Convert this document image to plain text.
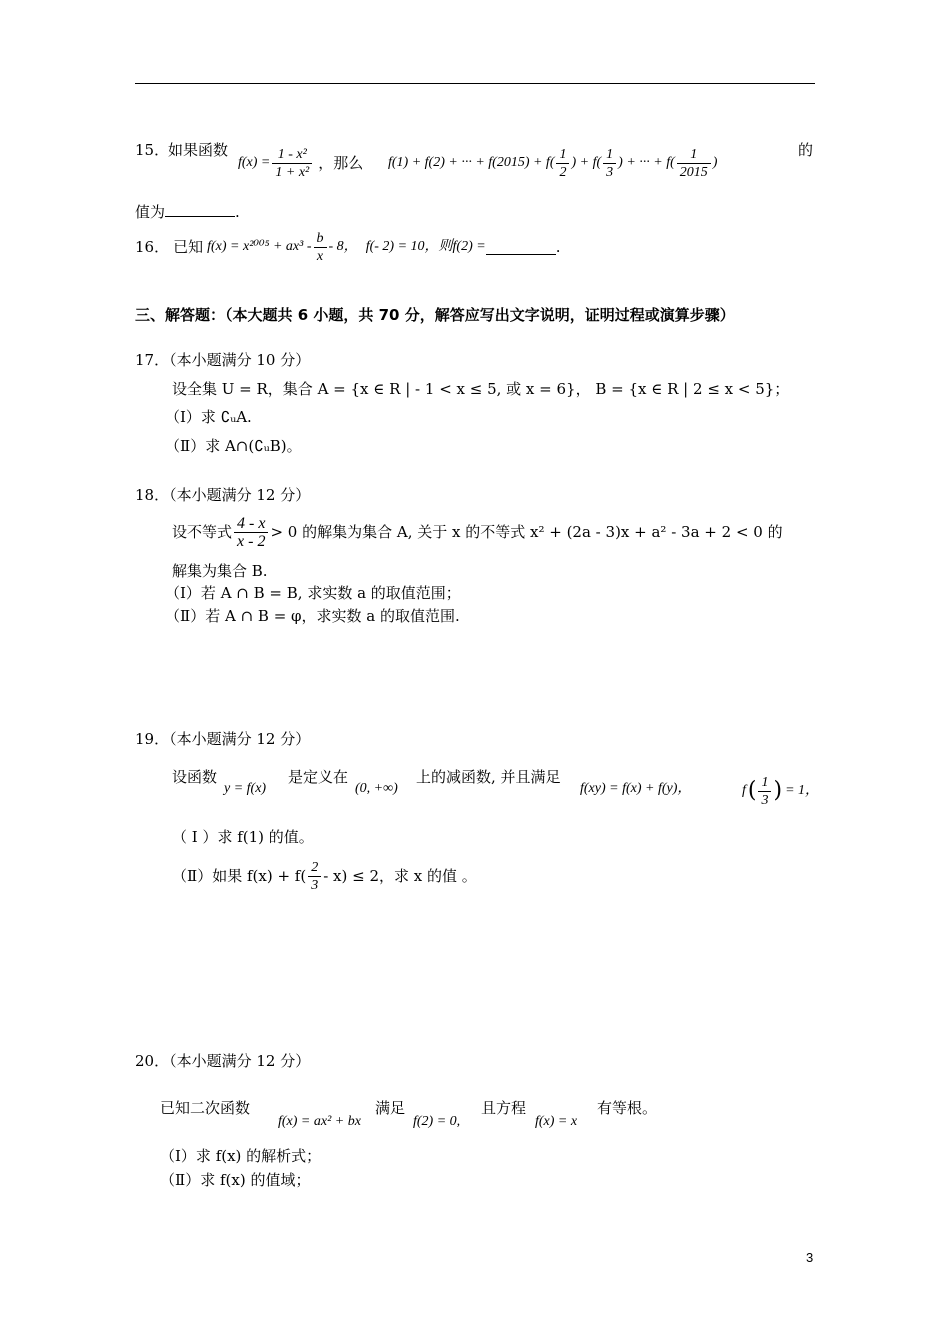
15．
如果函数
$f(x) = \frac{\text{1 - x²}}{\text{1 + x²}}$ ，那么 f(1) + f(2) + ··· + $f(2015) + f( \frac{1}{2}$ ) + $f( \frac{1}{3}$ ) + ··· + $f( \frac{1}{2015}$ )
的
值为	.
16． 已知 $f(x) = x^{2005} + ax^3 - \frac{b}{x} - 8$， f(- 2) = 10，则 f(2) =	.
三、解答题：（本大题共 6 小题，共 70 分，解答应写出文字说明，证明过程或演算步骤）
17．（本小题满分 10 分）
设全集 U = R，集合 A = {x ∈ R | - 1 < x ≤ 5, 或 x = 6}， B = {x ∈ R | 2 ≤ x < 5}；
（Ⅰ）求 ∁ᵤA.
（Ⅱ）求 A∩(∁ᵤB)。
18．（本小题满分 12 分）
设不等式 $\frac{4 - x}{x - 2} > 0$ 的解集为集合 A, 关于 x 的不等式 x² + (2a - 3)x + a² - 3a + 2 < 0 的
解集为集合 B.
（Ⅰ）若 A ∩ B = B, 求实数 a 的取值范围；
（Ⅱ）若 A ∩ B = φ，求实数 a 的取值范围.
19．（本小题满分 12 分）
设函数
y = f(x)
是定义在
(0, +∞)
上的减函数, 并且满足
f(xy) = f(x) + f(y)，	f ( $\frac{1}{3}$ ) = 1，
（ Ⅰ ）求 f(1) 的值。
（Ⅱ）如果 $f(x) + f( \frac{2}{3} - x) \le 2$，求 x 的值 。
20．（本小题满分 12 分）
已知二次函数
f(x) = ax² + bx
满足
f(2) = 0,
且方程
f(x) = x
有等根。
（Ⅰ）求 f(x) 的解析式；
（Ⅱ）求 f(x) 的值域；
3
